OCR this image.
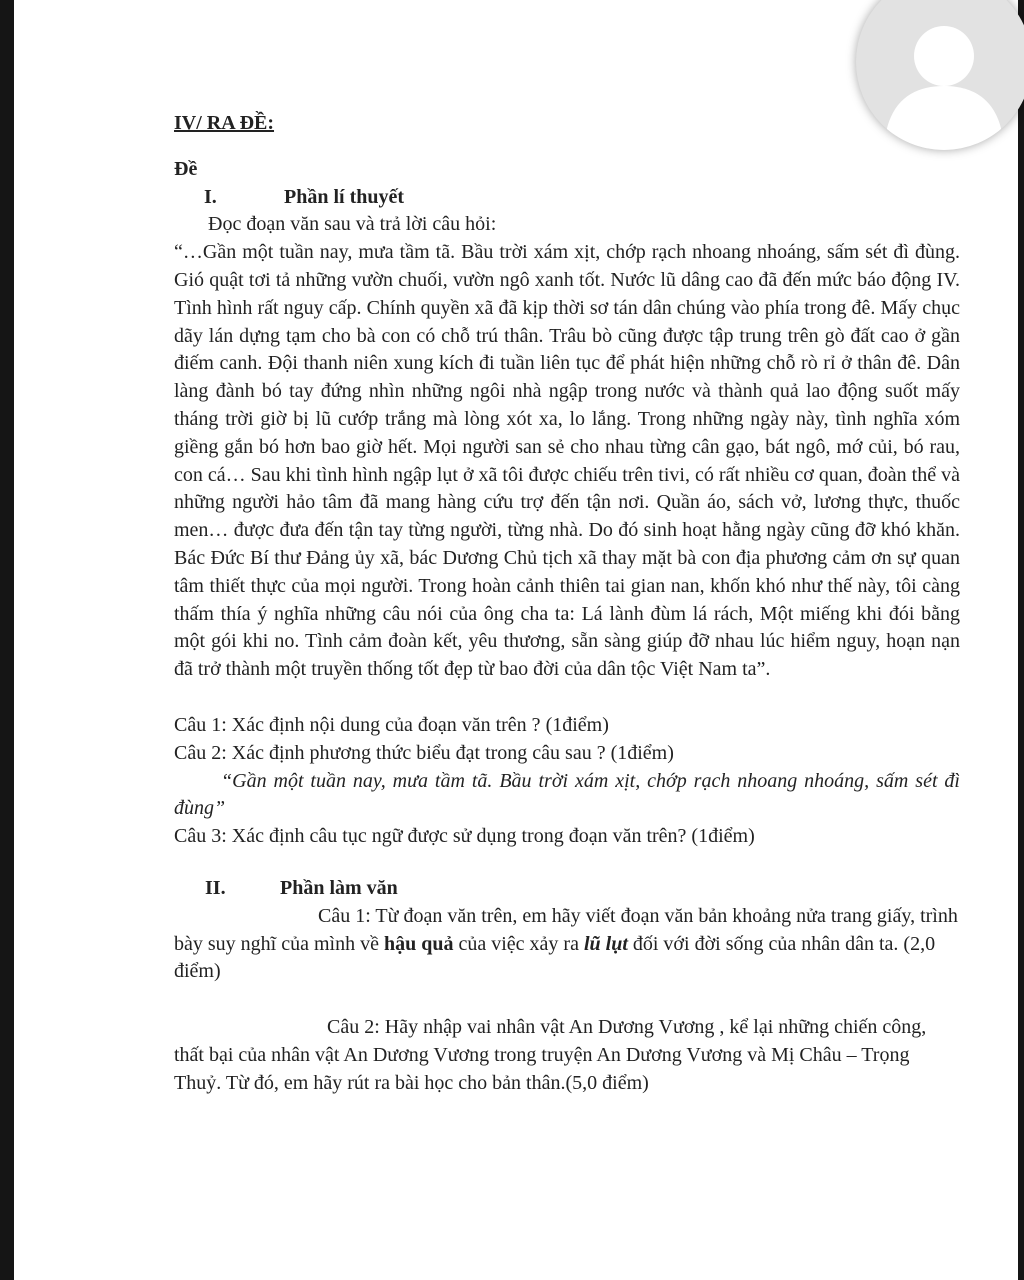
IV/ RA ĐỀ:

Đề

I.	Phần lí thuyết

Đọc đoạn văn sau và trả lời câu hỏi:

“…Gần một tuần nay, mưa tầm tã. Bầu trời xám xịt, chớp rạch nhoang nhoáng, sấm sét đì đùng. Gió quật tơi tả những vườn chuối, vườn ngô xanh tốt. Nước lũ dâng cao đã đến mức báo động IV. Tình hình rất nguy cấp. Chính quyền xã đã kịp thời sơ tán dân chúng vào phía trong đê. Mấy chục dãy lán dựng tạm cho bà con có chỗ trú thân. Trâu bò cũng được tập trung trên gò đất cao ở gần điếm canh. Đội thanh niên xung kích đi tuần liên tục để phát hiện những chỗ rò rỉ ở thân đê. Dân làng đành bó tay đứng nhìn những ngôi nhà ngập trong nước và thành quả lao động suốt mấy tháng trời giờ bị lũ cướp trắng mà lòng xót xa, lo lắng. Trong những ngày này, tình nghĩa xóm giềng gắn bó hơn bao giờ hết. Mọi người san sẻ cho nhau từng cân gạo, bát ngô, mớ củi, bó rau, con cá… Sau khi tình hình ngập lụt ở xã tôi được chiếu trên tivi, có rất nhiều cơ quan, đoàn thể và những người hảo tâm đã mang hàng cứu trợ đến tận nơi. Quần áo, sách vở, lương thực, thuốc men… được đưa đến tận tay từng người, từng nhà. Do đó sinh hoạt hằng ngày cũng đỡ khó khăn. Bác Đức Bí thư Đảng ủy xã, bác Dương Chủ tịch xã thay mặt bà con địa phương cảm ơn sự quan tâm thiết thực của mọi người. Trong hoàn cảnh thiên tai gian nan, khốn khó như thế này, tôi càng thấm thía ý nghĩa những câu nói của ông cha ta: Lá lành đùm lá rách, Một miếng khi đói bằng một gói khi no. Tình cảm đoàn kết, yêu thương, sẵn sàng giúp đỡ nhau lúc hiểm nguy, hoạn nạn đã trở thành một truyền thống tốt đẹp từ bao đời của dân tộc Việt Nam ta”.

Câu 1: Xác định nội dung của đoạn văn trên ? (1điểm)

Câu 2: Xác định phương thức biểu đạt trong câu sau ? (1điểm)

“Gần một tuần nay, mưa tầm tã. Bầu trời xám xịt, chớp rạch nhoang nhoáng, sấm sét đì đùng”

Câu 3: Xác định câu tục ngữ được sử dụng trong đoạn văn trên? (1điểm)

II.	Phần làm văn

Câu 1: Từ đoạn văn trên, em hãy viết đoạn văn bản khoảng nửa trang giấy, trình bày suy nghĩ của mình về hậu quả của việc xảy ra lũ lụt đối với đời sống của nhân dân ta. (2,0 điểm)

Câu 2: Hãy nhập vai nhân vật An Dương Vương , kể lại những chiến công, thất bại của nhân vật An Dương Vương trong truyện An Dương Vương và Mị Châu – Trọng Thuỷ. Từ đó, em hãy rút ra bài học cho bản thân.(5,0 điểm)
